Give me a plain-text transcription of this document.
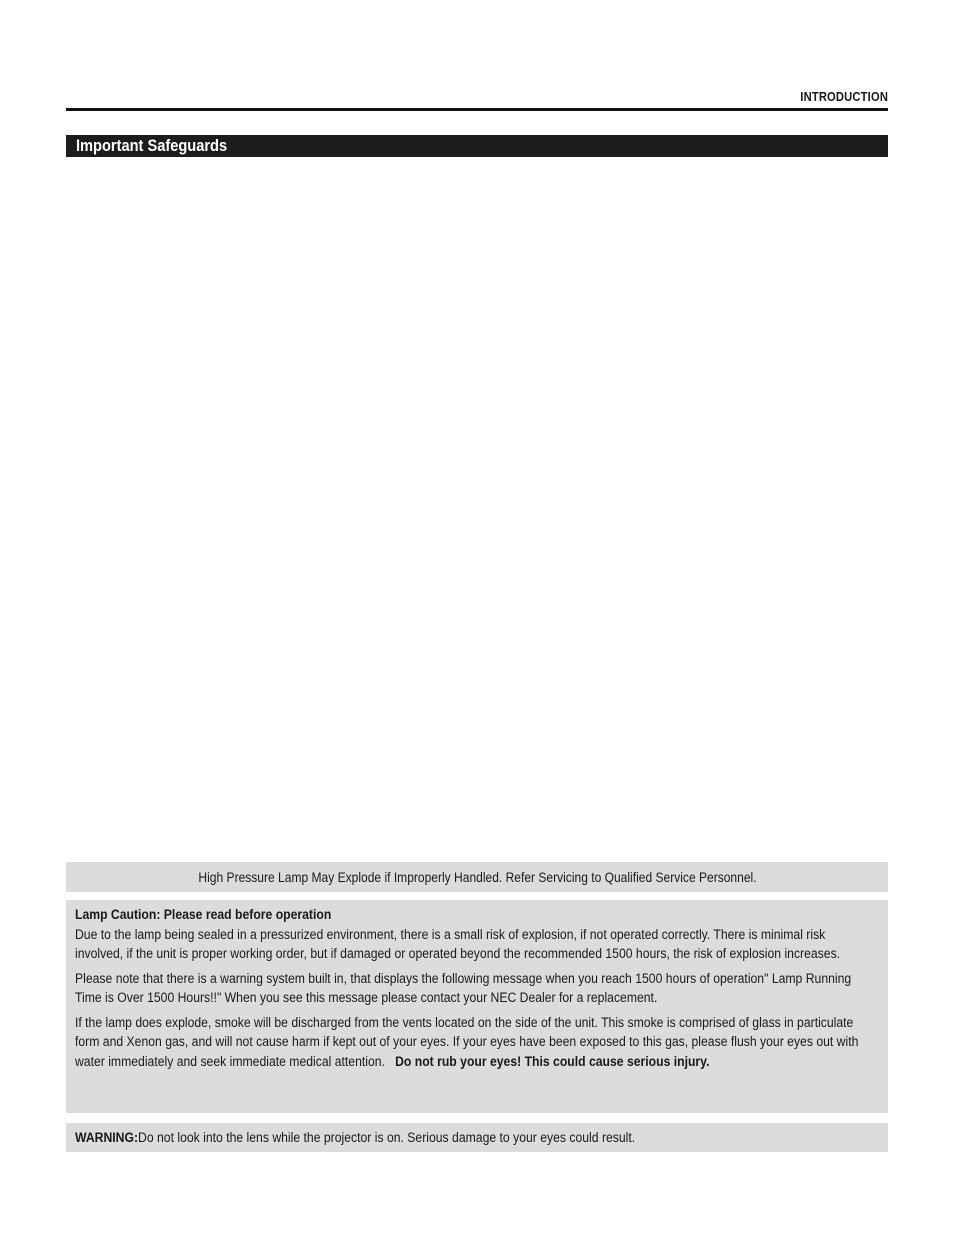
INTRODUCTION
Important Safeguards
High Pressure Lamp May Explode if Improperly Handled. Refer Servicing to Qualified Service Personnel.
Lamp Caution: Please read before operation

Due to the lamp being sealed in a pressurized environment, there is a small risk of explosion, if not operated correctly. There is minimal risk involved, if the unit is proper working order, but if damaged or operated beyond the recommended 1500 hours, the risk of explosion increases.

Please note that there is a warning system built in, that displays the following message when you reach 1500 hours of operation" Lamp Running Time is Over 1500 Hours!!" When you see this message please contact your NEC Dealer for a replacement.

If the lamp does explode, smoke will be discharged from the vents located on the side of the unit. This smoke is comprised of glass in particulate form and Xenon gas, and will not cause harm if kept out of your eyes. If your eyes have been exposed to this gas, please flush your eyes out with water immediately and seek immediate medical attention. Do not rub your eyes! This could cause serious injury.

WARNING:Do not look into the lens while the projector is on. Serious damage to your eyes could result.
